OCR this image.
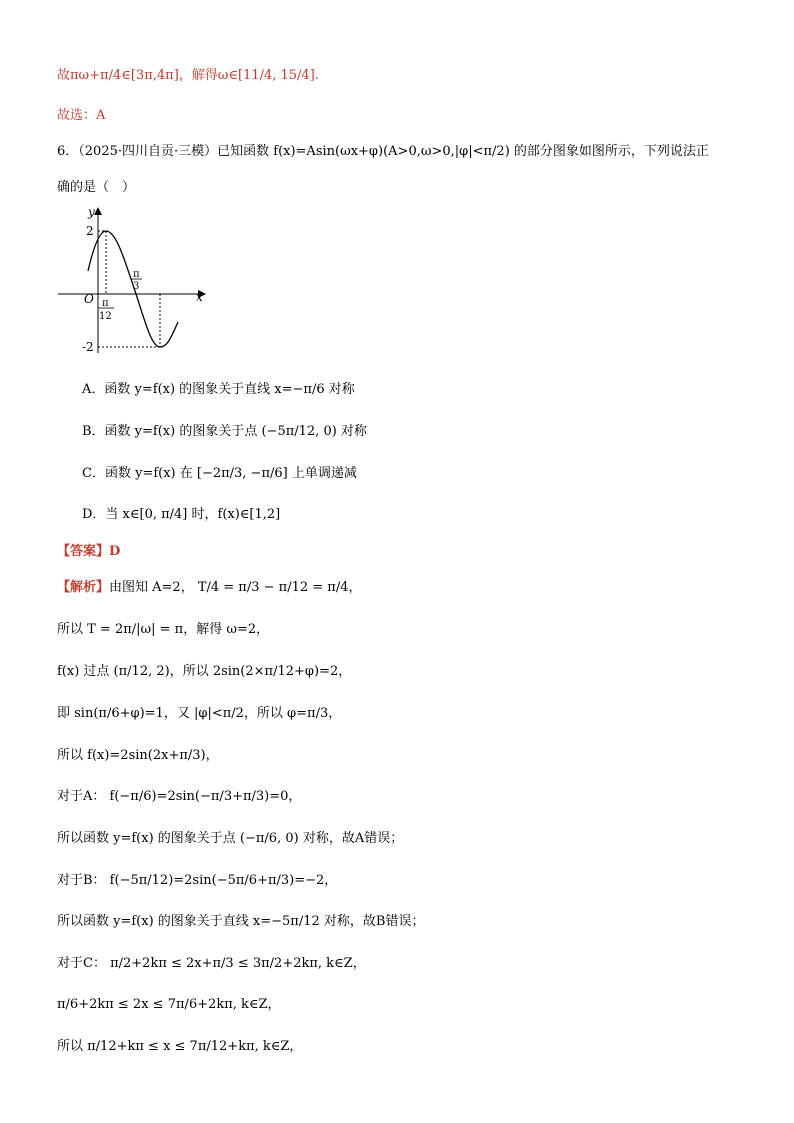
故πω+π/4∈[3π,4π]，解得ω∈[11/4, 15/4].
故选：A
6．（2025·四川自贡·三模）已知函数 f(x)=Asin(ωx+φ)(A>0,ω>0,|φ|<π/2) 的部分图象如图所示，下列说法正
确的是（　）
y
x
O
2
-2
π
3
π
12
A．函数 y=f(x) 的图象关于直线 x=−π/6 对称
B．函数 y=f(x) 的图象关于点 (−5π/12, 0) 对称
C．函数 y=f(x) 在 [−2π/3, −π/6] 上单调递减
D．当 x∈[0, π/4] 时，f(x)∈[1,2]
【答案】D
【解析】由图知 A=2， T/4 = π/3 − π/12 = π/4，
所以 T = 2π/|ω| = π，解得 ω=2，
f(x) 过点 (π/12, 2)，所以 2sin(2×π/12+φ)=2，
即 sin(π/6+φ)=1，又 |φ|<π/2，所以 φ=π/3，
所以 f(x)=2sin(2x+π/3)，
对于A： f(−π/6)=2sin(−π/3+π/3)=0，
所以函数 y=f(x) 的图象关于点 (−π/6, 0) 对称，故A错误；
对于B： f(−5π/12)=2sin(−5π/6+π/3)=−2，
所以函数 y=f(x) 的图象关于直线 x=−5π/12 对称，故B错误；
对于C： π/2+2kπ ≤ 2x+π/3 ≤ 3π/2+2kπ, k∈Z，
π/6+2kπ ≤ 2x ≤ 7π/6+2kπ, k∈Z，
所以 π/12+kπ ≤ x ≤ 7π/12+kπ, k∈Z，
